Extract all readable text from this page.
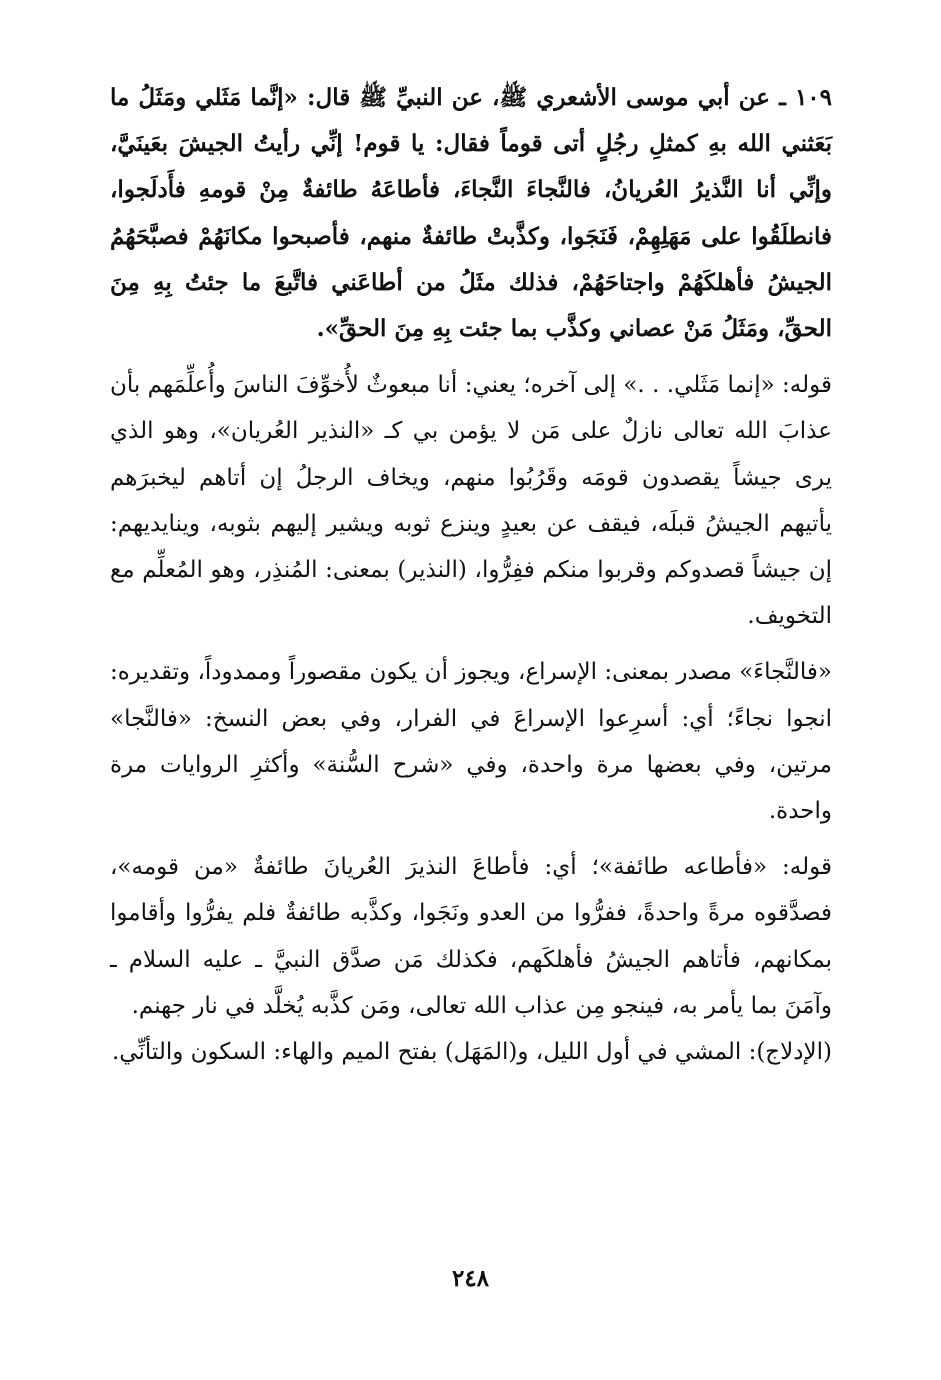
١٠٩ ـ عن أبي موسى الأشعري ﷺ، عن النبيِّ ﷺ قال: «إنَّما مَثَلي ومَثَلُ ما بَعَثني الله بهِ كمثلِ رجُلٍ أتى قوماً فقال: يا قوم! إنِّي رأيتُ الجيشَ بعَينَيَّ، وإنِّي أنا النَّذيرُ العُريانُ، فالنَّجاءَ النَّجاءَ، فأطاعَهُ طائفةٌ مِنْ قومهِ فأَدلَجوا، فانطلَقُوا على مَهَلِهِمْ، فَنَجَوا، وكذَّبتْ طائفةٌ منهم، فأصبحوا مكانَهُمْ فصبَّحَهُمُ الجيشُ فأهلكَهُمْ واجتاحَهُمْ، فذلك مثَلُ من أطاعَني فاتَّبعَ ما جئتُ بِهِ مِنَ الحقِّ، ومَثَلُ مَنْ عصاني وكذَّب بما جئت بِهِ مِنَ الحقِّ».

قوله: «إنما مَثَلي. . .» إلى آخره؛ يعني: أنا مبعوثٌ لأُخوِّفَ الناسَ وأُعلِّمَهم بأن عذابَ الله تعالى نازلٌ على مَن لا يؤمن بي كـ «النذير العُريان»، وهو الذي يرى جيشاً يقصدون قومَه وقَرُبُوا منهم، ويخاف الرجلُ إن أتاهم ليخبرَهم يأتيهم الجيشُ قبلَه، فيقف عن بعيدٍ وينزع ثوبه ويشير إليهم بثوبه، وينايديهم: إن جيشاً قصدوكم وقربوا منكم ففِرُّوا، (النذير) بمعنى: المُنذِر، وهو المُعلِّم مع التخويف.

«فالنَّجاءَ» مصدر بمعنى: الإسراع، ويجوز أن يكون مقصوراً وممدوداً، وتقديره: انجوا نجاءً؛ أي: أسرِعوا الإسراعَ في الفرار، وفي بعض النسخ: «فالنَّجا» مرتين، وفي بعضها مرة واحدة، وفي «شرح السُّنة» وأكثرِ الروايات مرة واحدة.

قوله: «فأطاعه طائفة»؛ أي: فأطاعَ النذيرَ العُريانَ طائفةٌ «من قومه»، فصدَّقوه مرةً واحدةً، ففرُّوا من العدو ونَجَوا، وكذَّبه طائفةٌ فلم يفرُّوا وأقاموا بمكانهم، فأتاهم الجيشُ فأهلكَهم، فكذلك مَن صدَّق النبيَّ ـ عليه السلام ـ وآمَنَ بما يأمر به، فينجو مِن عذاب الله تعالى، ومَن كذَّبه يُخلَّد في نار جهنم.

(الإدلاج): المشي في أول الليل، و(المَهَل) بفتح الميم والهاء: السكون والتأنِّي.

٢٤٨
